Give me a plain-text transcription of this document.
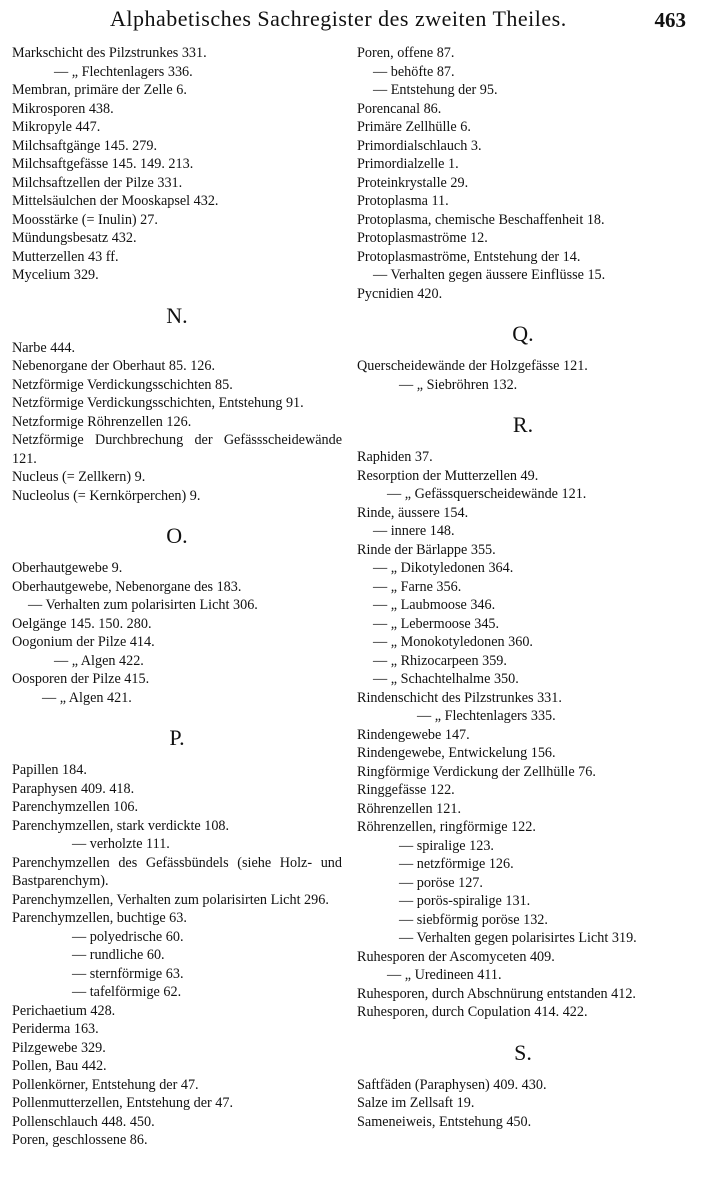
Alphabetisches Sachregister des zweiten Theiles.	463
Markschicht des Pilzstrunkes 331.
— „ Flechtenlagers 336.
Membran, primäre der Zelle 6.
Mikrosporen 438.
Mikropyle 447.
Milchsaftgänge 145. 279.
Milchsaftgefässe 145. 149. 213.
Milchsaftzellen der Pilze 331.
Mittelsäulchen der Mooskapsel 432.
Moosstärke (= Inulin) 27.
Mündungsbesatz 432.
Mutterzellen 43 ff.
Mycelium 329.
N.
Narbe 444.
Nebenorgane der Oberhaut 85. 126.
Netzförmige Verdickungsschichten 85.
Netzförmige Verdickungsschichten, Entstehung 91.
Netzformige Röhrenzellen 126.
Netzförmige Durchbrechung der Gefässscheidewände 121.
Nucleus (= Zellkern) 9.
Nucleolus (= Kernkörperchen) 9.
O.
Oberhautgewebe 9.
Oberhautgewebe, Nebenorgane des 183.
— Verhalten zum polarisirten Licht 306.
Oelgänge 145. 150. 280.
Oogonium der Pilze 414.
— „ Algen 422.
Oosporen der Pilze 415.
— „ Algen 421.
P.
Papillen 184.
Paraphysen 409. 418.
Parenchymzellen 106.
Parenchymzellen, stark verdickte 108.
— verholzte 111.
Parenchymzellen des Gefässbündels (siehe Holz- und Bastparenchym).
Parenchymzellen, Verhalten zum polarisirten Licht 296.
Parenchymzellen, buchtige 63.
— polyedrische 60.
— rundliche 60.
— sternförmige 63.
— tafelförmige 62.
Perichaetium 428.
Periderma 163.
Pilzgewebe 329.
Pollen, Bau 442.
Pollenkörner, Entstehung der 47.
Pollenmutterzellen, Entstehung der 47.
Pollenschlauch 448. 450.
Poren, geschlossene 86.
Poren, offene 87.
— behöfte 87.
— Entstehung der 95.
Porencanal 86.
Primäre Zellhülle 6.
Primordialschlauch 3.
Primordialzelle 1.
Proteinkrystalle 29.
Protoplasma 11.
Protoplasma, chemische Beschaffenheit 18.
Protoplasmaströme 12.
Protoplasmaströme, Entstehung der 14.
— Verhalten gegen äussere Einflüsse 15.
Pycnidien 420.
Q.
Querscheidewände der Holzgefässe 121.
— „ Siebröhren 132.
R.
Raphiden 37.
Resorption der Mutterzellen 49.
— „ Gefässquerscheidewände 121.
Rinde, äussere 154.
— innere 148.
Rinde der Bärlappe 355.
— „ Dikotyledonen 364.
— „ Farne 356.
— „ Laubmoose 346.
— „ Lebermoose 345.
— „ Monokotyledonen 360.
— „ Rhizocarpeen 359.
— „ Schachtelhalme 350.
Rindenschicht des Pilzstrunkes 331.
— „ Flechtenlagers 335.
Rindengewebe 147.
Rindengewebe, Entwickelung 156.
Ringförmige Verdickung der Zellhülle 76.
Ringgefässe 122.
Röhrenzellen 121.
Röhrenzellen, ringförmige 122.
— spiralige 123.
— netzförmige 126.
— poröse 127.
— porös-spiralige 131.
— siebförmig poröse 132.
— Verhalten gegen polarisirtes Licht 319.
Ruhesporen der Ascomyceten 409.
— „ Uredineen 411.
Ruhesporen, durch Abschnürung entstanden 412.
Ruhesporen, durch Copulation 414. 422.
S.
Saftfäden (Paraphysen) 409. 430.
Salze im Zellsaft 19.
Sameneiweis, Entstehung 450.
